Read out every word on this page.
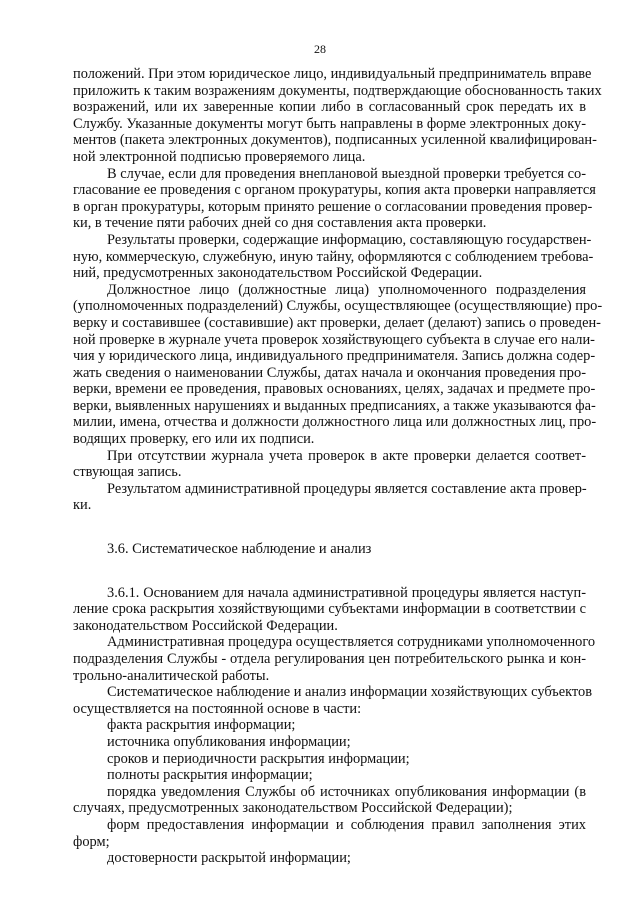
28
положений. При этом юридическое лицо, индивидуальный предприниматель вправе
приложить к таким возражениям документы, подтверждающие обоснованность таких
возражений, или их заверенные копии либо в согласованный срок передать их в
Службу. Указанные документы могут быть направлены в форме электронных доку-
ментов (пакета электронных документов), подписанных усиленной квалифицирован-
ной электронной подписью проверяемого лица.
В случае, если для проведения внеплановой выездной проверки требуется со-
гласование ее проведения с органом прокуратуры, копия акта проверки направляется
в орган прокуратуры, которым принято решение о согласовании проведения провер-
ки, в течение пяти рабочих дней со дня составления акта проверки.
Результаты проверки, содержащие информацию, составляющую государствен-
ную, коммерческую, служебную, иную тайну, оформляются с соблюдением требова-
ний, предусмотренных законодательством Российской Федерации.
Должностное лицо (должностные лица) уполномоченного подразделения
(уполномоченных подразделений) Службы, осуществляющее (осуществляющие) про-
верку и составившее (составившие) акт проверки, делает (делают) запись о проведен-
ной проверке в журнале учета проверок хозяйствующего субъекта в случае его нали-
чия у юридического лица, индивидуального предпринимателя. Запись должна содер-
жать сведения о наименовании Службы, датах начала и окончания проведения про-
верки, времени ее проведения, правовых основаниях, целях, задачах и предмете про-
верки, выявленных нарушениях и выданных предписаниях, а также указываются фа-
милии, имена, отчества и должности должностного лица или должностных лиц, про-
водящих проверку, его или их подписи.
При отсутствии журнала учета проверок в акте проверки делается соответ-
ствующая запись.
Результатом административной процедуры является составление акта провер-
ки.
3.6. Систематическое наблюдение и анализ
3.6.1. Основанием для начала административной процедуры является наступ-
ление срока раскрытия хозяйствующими субъектами информации в соответствии с
законодательством Российской Федерации.
Административная процедура осуществляется сотрудниками уполномоченного
подразделения Службы - отдела регулирования цен потребительского рынка и кон-
трольно-аналитической работы.
Систематическое наблюдение и анализ информации хозяйствующих субъектов
осуществляется на постоянной основе в части:
факта раскрытия информации;
источника опубликования информации;
сроков и периодичности раскрытия информации;
полноты раскрытия информации;
порядка уведомления Службы об источниках опубликования информации (в
случаях, предусмотренных законодательством Российской Федерации);
форм предоставления информации и соблюдения правил заполнения этих
форм;
достоверности раскрытой информации;
